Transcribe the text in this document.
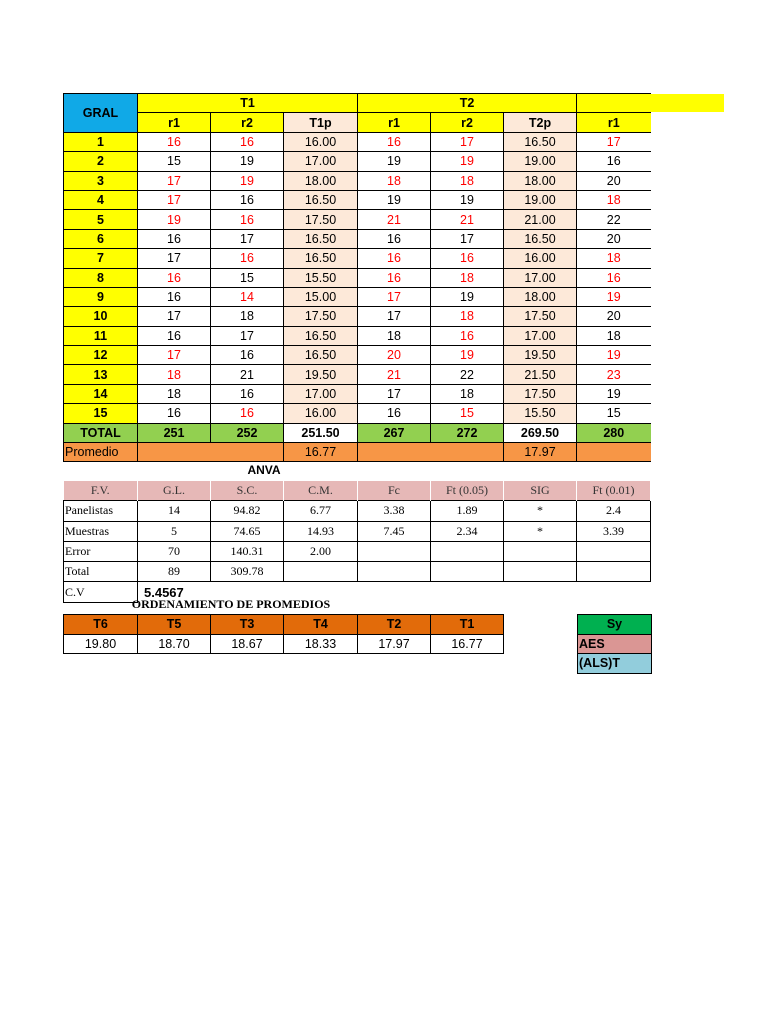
GRAL	T1			T2			
	r1	r2	T1p	r1	r2	T2p	r1
1	16	16	16.00	16	17	16.50	17
2	15	19	17.00	19	19	19.00	16
3	17	19	18.00	18	18	18.00	20
4	17	16	16.50	19	19	19.00	18
5	19	16	17.50	21	21	21.00	22
6	16	17	16.50	16	17	16.50	20
7	17	16	16.50	16	16	16.00	18
8	16	15	15.50	16	18	17.00	16
9	16	14	15.00	17	19	18.00	19
10	17	18	17.50	17	18	17.50	20
11	16	17	16.50	18	16	17.00	18
12	17	16	16.50	20	19	19.50	19
13	18	21	19.50	21	22	21.50	23
14	18	16	17.00	17	18	17.50	19
15	16	16	16.00	16	15	15.50	15
TOTAL	251	252	251.50	267	272	269.50	280
Promedio			16.77			17.97	
ANVA
F.V.	G.L.	S.C.	C.M.	Fc	Ft (0.05)	SIG	Ft (0.01)
Panelistas	14	94.82	6.77	3.38	1.89	*	2.4
Muestras	5	74.65	14.93	7.45	2.34	*	3.39
Error	70	140.31	2.00				
Total	89	309.78					
C.V	5.4567						
ORDENAMIENTO DE PROMEDIOS
T6	T5	T3	T4	T2	T1
19.80	18.70	18.67	18.33	17.97	16.77
Sy
AES
(ALS)T
